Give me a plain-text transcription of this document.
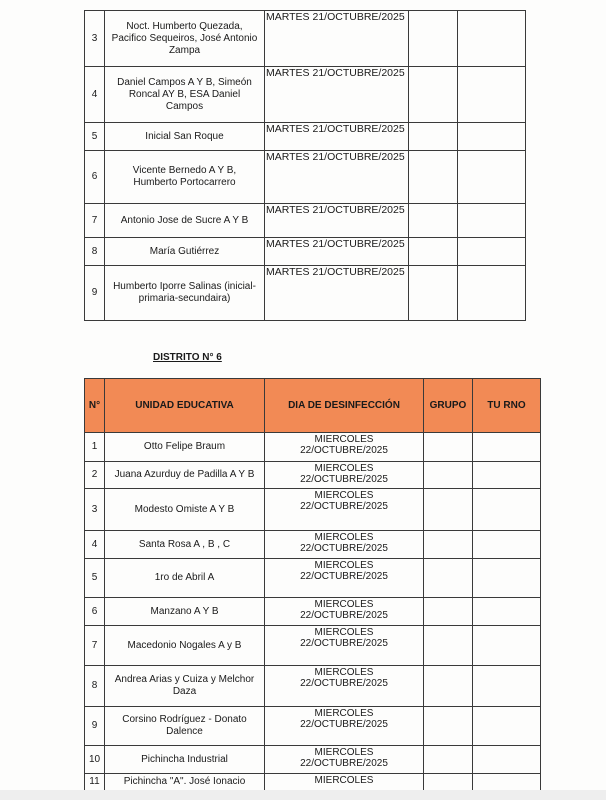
3	Noct. Humberto Quezada, Pacifico Sequeiros, José Antonio Zampa	MARTES 21/OCTUBRE/2025		
4	Daniel Campos A Y B, Simeón Roncal AY B, ESA Daniel Campos	MARTES 21/OCTUBRE/2025		
5	Inicial San Roque	MARTES 21/OCTUBRE/2025		
6	Vicente Bernedo A Y B, Humberto Portocarrero	MARTES 21/OCTUBRE/2025		
7	Antonio Jose de Sucre A Y B	MARTES 21/OCTUBRE/2025		
8	María Gutiérrez	MARTES 21/OCTUBRE/2025		
9	Humberto Iporre Salinas (inicial-primaria-secundaira)	MARTES 21/OCTUBRE/2025		
DISTRITO N° 6
N°	UNIDAD EDUCATIVA	DIA DE DESINFECCIÓN	GRUPO	TU RNO
1	Otto Felipe Braum	MIERCOLES 22/OCTUBRE/2025		
2	Juana Azurduy de Padilla A Y B	MIERCOLES 22/OCTUBRE/2025		
3	Modesto Omiste A Y B	MIERCOLES 22/OCTUBRE/2025		
4	Santa Rosa A , B , C	MIERCOLES 22/OCTUBRE/2025		
5	1ro de Abril A	MIERCOLES 22/OCTUBRE/2025		
6	Manzano A Y B	MIERCOLES 22/OCTUBRE/2025		
7	Macedonio Nogales A y B	MIERCOLES 22/OCTUBRE/2025		
8	Andrea Arias y Cuiza y Melchor Daza	MIERCOLES 22/OCTUBRE/2025		
9	Corsino Rodríguez - Donato Dalence	MIERCOLES 22/OCTUBRE/2025		
10	Pichincha Industrial	MIERCOLES 22/OCTUBRE/2025		
11	Pichincha "A". José Ionacio	MIERCOLES		
